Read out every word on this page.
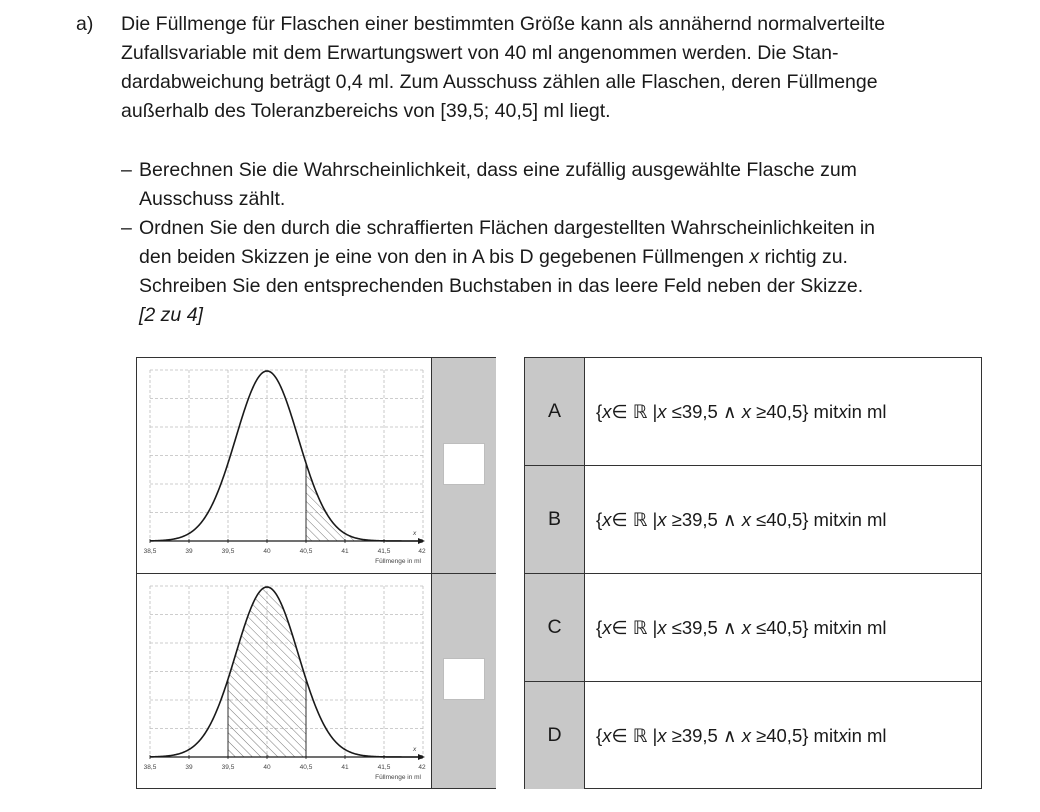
a) Die Füllmenge für Flaschen einer bestimmten Größe kann als annähernd normalverteilte

Zufallsvariable mit dem Erwartungswert von 40 ml angenommen werden. Die Stan-

dardabweichung beträgt 0,4 ml. Zum Ausschuss zählen alle Flaschen, deren Füllmenge

außerhalb des Toleranzbereichs von [39,5; 40,5] ml liegt.

– Berechnen Sie die Wahrscheinlichkeit, dass eine zufällig ausgewählte Flasche zum
Ausschuss zählt.
– Ordnen Sie den durch die schraffierten Flächen dargestellten Wahrscheinlichkeiten in
den beiden Skizzen je eine von den in A bis D gegebenen Füllmengen x richtig zu.
Schreiben Sie den entsprechenden Buchstaben in das leere Feld neben der Skizze.
[2 zu 4]
38,5	39	39,5	40	40,5	41	41,5	42
x
Füllmenge in ml
38,5	39	39,5	40	40,5	41	41,5	42
x
Füllmenge in ml
A	{ x ∈ ℝ | x
≤ 39,5
∧
x
≥ 40,5} mit x in ml
B	{ x ∈ ℝ | x
≥ 39,5
∧
x
≤ 40,5} mit x in ml
C	{ x ∈ ℝ | x
≤ 39,5
∧
x
≤ 40,5} mit x in ml
D	{ x ∈ ℝ | x
≥ 39,5
∧
x
≥ 40,5} mit x in ml
